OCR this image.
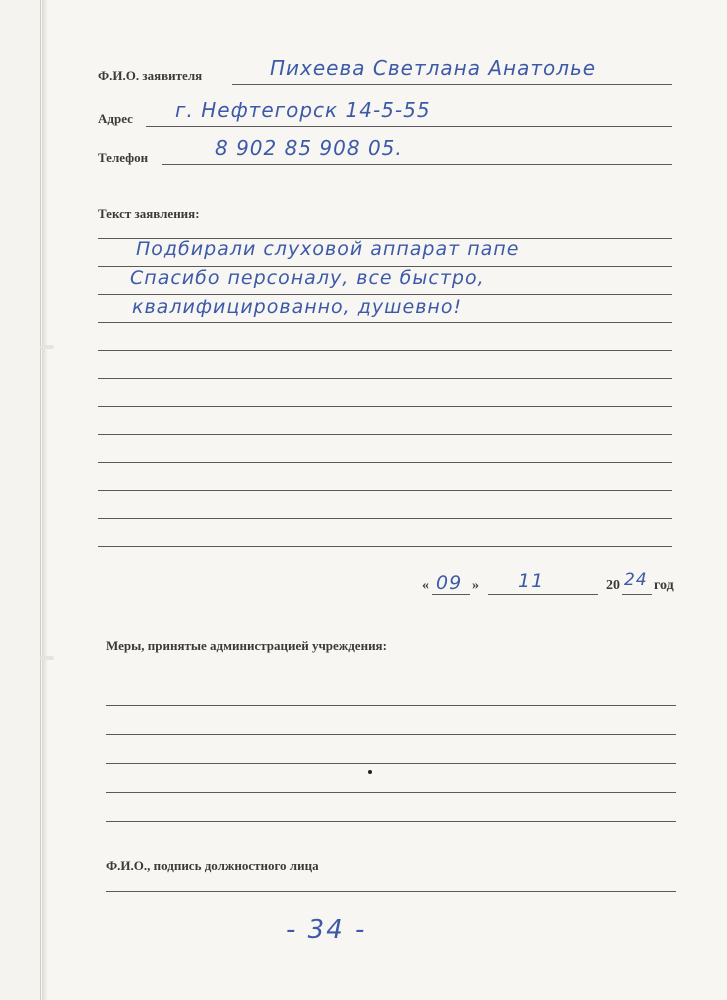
Ф.И.О. заявителя	Пихеева Светлана Анатолье
Адрес г. Нефтегорск 14-5-55
Телефон	8 902 85 908 05.
Текст заявления:
Подбирали слуховой аппарат папе
Спасибо персоналу, все быстро,
квалифицированно, душевно!
« 09 » 11	20 24 год
Меры, принятые администрацией учреждения:
Ф.И.О., подпись должностного лица
- 34 -
